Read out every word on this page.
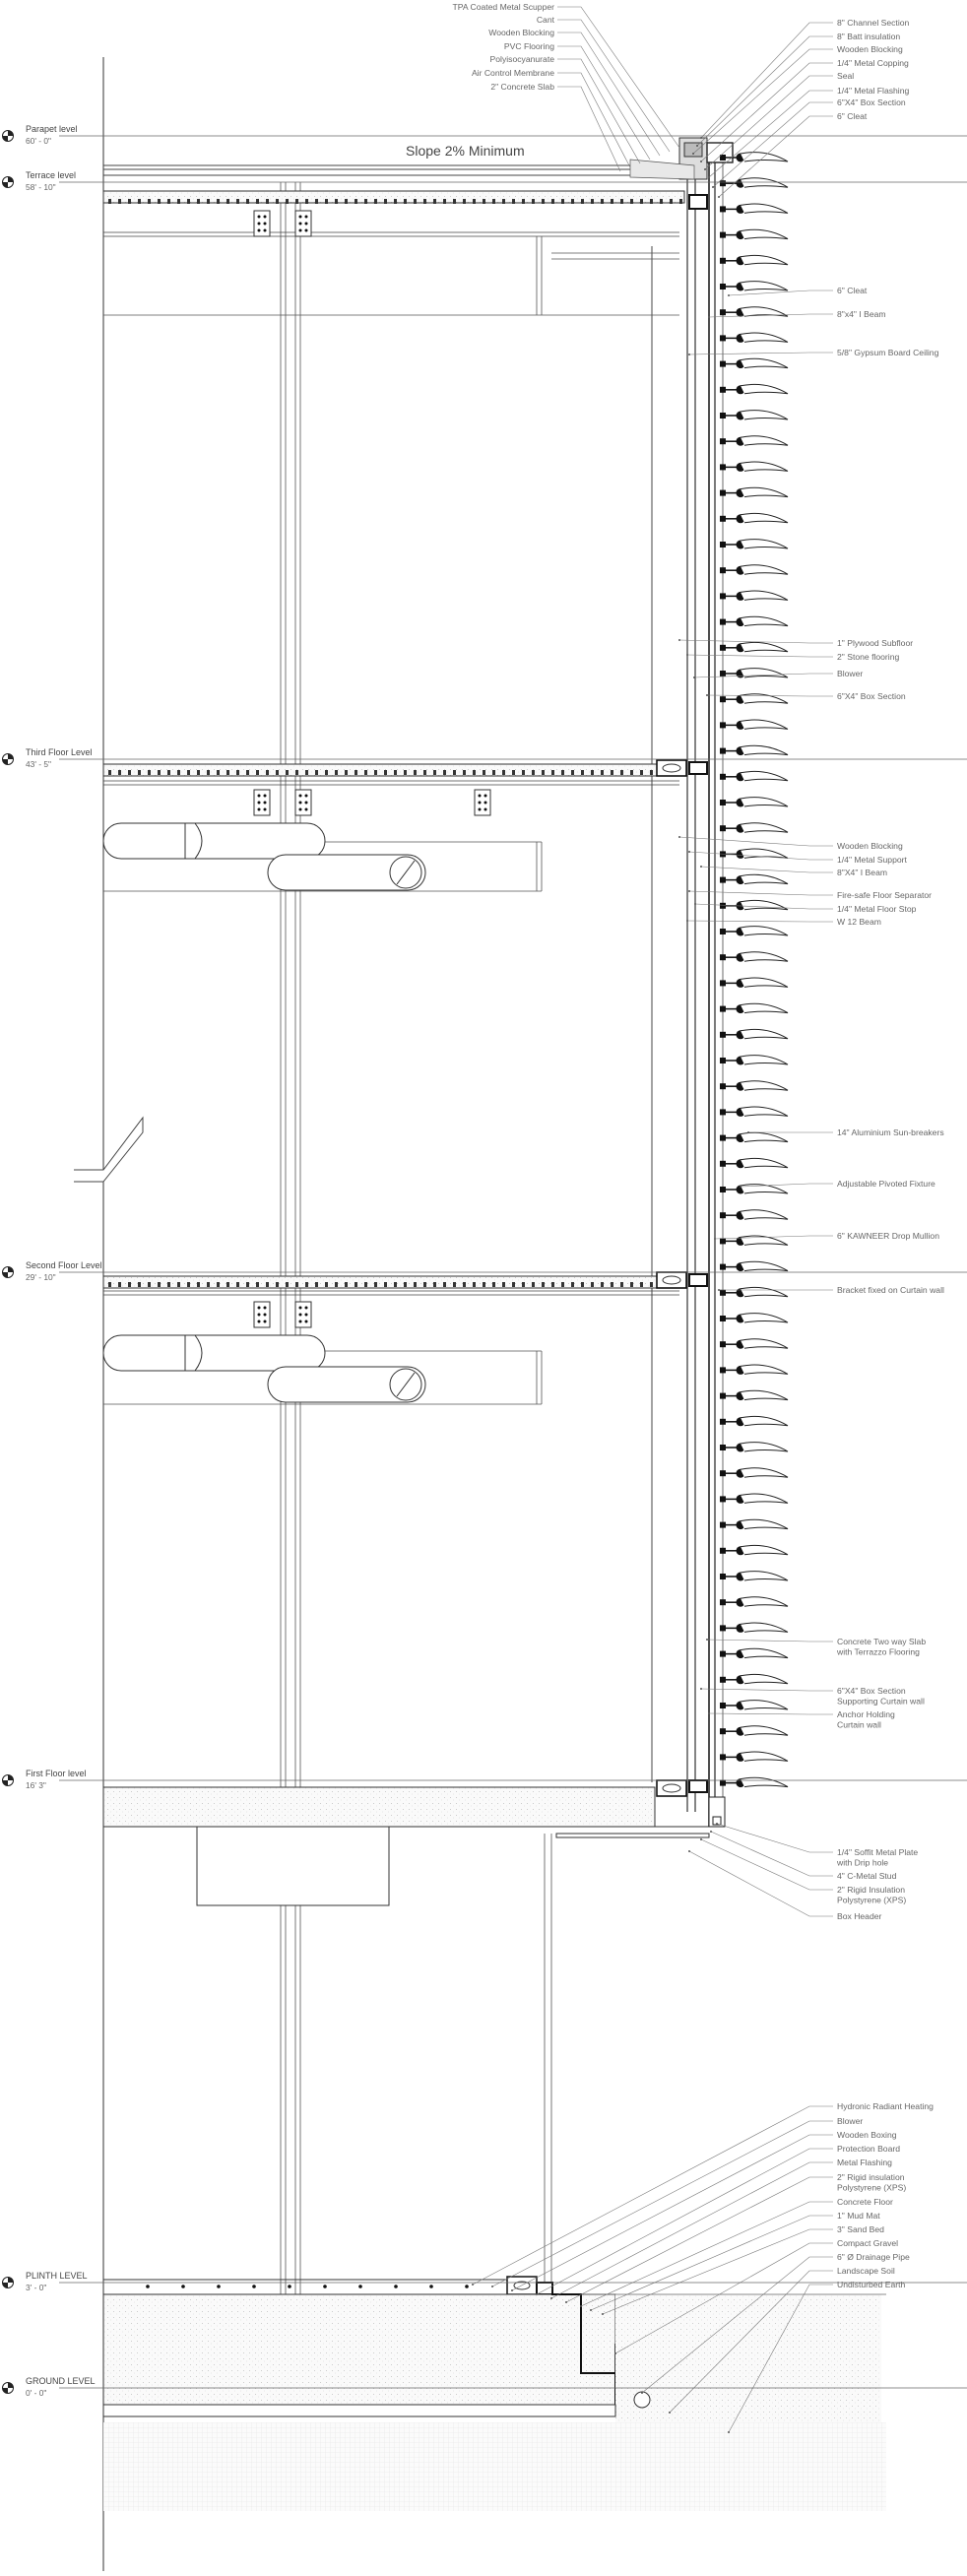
Parapet level
60' - 0"
Terrace level
58' - 10"
Third Floor Level
43' - 5"
Second Floor Level
29' - 10"
First Floor level
16' 3"
PLINTH LEVEL
3' - 0"
GROUND LEVEL
0' - 0"
TPA Coated Metal Scupper
Cant
Wooden Blocking
PVC Flooring
Polyisocyanurate
Air Control Membrane
2" Concrete Slab
8" Channel Section
8" Batt insulation
Wooden Blocking
1/4" Metal Copping
Seal
1/4" Metal Flashing
6"X4" Box Section
6" Cleat
6" Cleat
8"x4" I Beam
5/8" Gypsum Board Ceiling
1" Plywood Subfloor
2" Stone flooring
Blower
6"X4" Box Section
Wooden Blocking
1/4" Metal Support
8"X4" I Beam
Fire-safe Floor Separator
1/4" Metal Floor Stop
W 12 Beam
14" Aluminium Sun-breakers
Adjustable Pivoted Fixture
6" KAWNEER Drop Mullion
Bracket fixed on Curtain wall
Concrete Two way Slab with Terrazzo Flooring
6"X4" Box Section Supporting Curtain wall
Anchor Holding Curtain wall
1/4" Soffit Metal Plate with Drip hole
4" C-Metal Stud
2" Rigid Insulation Polystyrene (XPS)
Box Header
Hydronic Radiant Heating
Blower
Wooden Boxing
Protection Board
Metal Flashing
2" Rigid insulation Polystyrene (XPS)
Concrete Floor
1" Mud Mat
3" Sand Bed
Compact Gravel
6" Ø Drainage Pipe
Landscape Soil
Undisturbed Earth
Slope 2% Minimum
